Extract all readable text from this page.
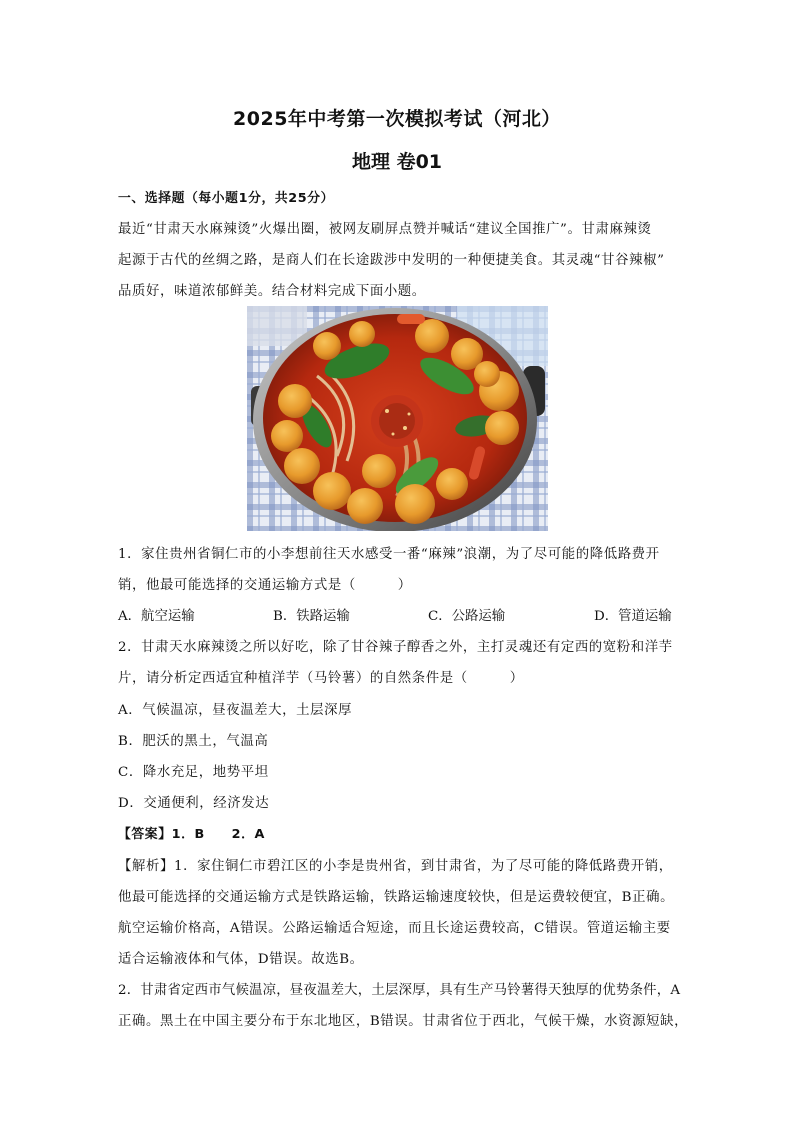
2025年中考第一次模拟考试（河北）
地理 卷01
一、选择题（每小题1分，共25分）
最近“甘肃天水麻辣烫”火爆出圈，被网友刷屏点赞并喊话“建议全国推广”。甘肃麻辣烫
起源于古代的丝绸之路，是商人们在长途跋涉中发明的一种便捷美食。其灵魂“甘谷辣椒”
品质好，味道浓郁鲜美。结合材料完成下面小题。
1．家住贵州省铜仁市的小李想前往天水感受一番“麻辣”浪潮，为了尽可能的降低路费开
销，他最可能选择的交通运输方式是（　　　）
A．航空运输	B．铁路运输	C．公路运输	D．管道运输
2．甘肃天水麻辣烫之所以好吃，除了甘谷辣子醇香之外，主打灵魂还有定西的宽粉和洋芋
片，请分析定西适宜种植洋芋（马铃薯）的自然条件是（　　　）
A．气候温凉，昼夜温差大，土层深厚
B．肥沃的黑土，气温高
C．降水充足，地势平坦
D．交通便利，经济发达
【答案】1．B　　2．A
【解析】1．家住铜仁市碧江区的小李是贵州省，到甘肃省，为了尽可能的降低路费开销，
他最可能选择的交通运输方式是铁路运输，铁路运输速度较快，但是运费较便宜，B正确。
航空运输价格高，A错误。公路运输适合短途，而且长途运费较高，C错误。管道运输主要
适合运输液体和气体，D错误。故选B。
2．甘肃省定西市气候温凉，昼夜温差大，土层深厚，具有生产马铃薯得天独厚的优势条件，A
正确。黑土在中国主要分布于东北地区，B错误。甘肃省位于西北，气候干燥，水资源短缺，
